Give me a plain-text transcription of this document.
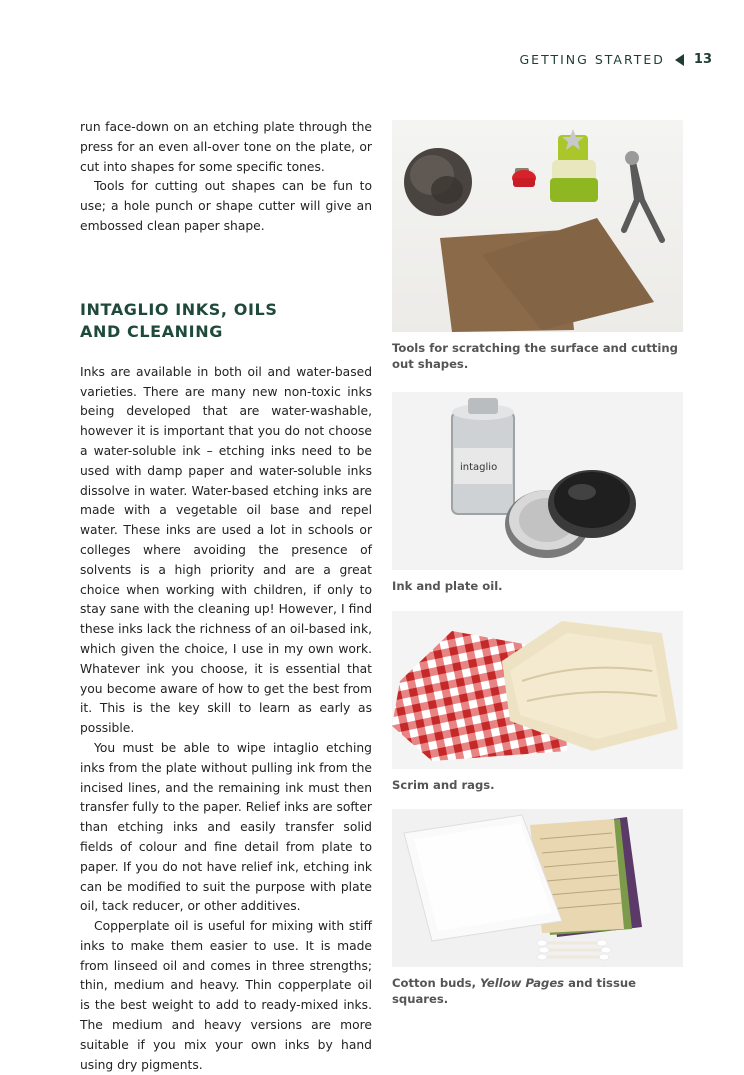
GETTING STARTED 13

run face-down on an etching plate through the press for an even all-over tone on the plate, or cut into shapes for some specific tones.

Tools for cutting out shapes can be fun to use; a hole punch or shape cutter will give an embossed clean paper shape.

INTAGLIO INKS, OILS
AND CLEANING

Inks are available in both oil and water-based varieties. There are many new non-toxic inks being developed that are water-washable, however it is important that you do not choose a water-soluble ink – etching inks need to be used with damp paper and water-soluble inks dissolve in water. Water-based etching inks are made with a vegetable oil base and repel water. These inks are used a lot in schools or colleges where avoiding the presence of solvents is a high priority and are a great choice when working with children, if only to stay sane with the cleaning up! However, I find these inks lack the richness of an oil-based ink, which given the choice, I use in my own work. Whatever ink you choose, it is essential that you become aware of how to get the best from it. This is the key skill to learn as early as possible.

You must be able to wipe intaglio etching inks from the plate without pulling ink from the incised lines, and the remaining ink must then transfer fully to the paper. Relief inks are softer than etching inks and easily transfer solid fields of colour and fine detail from plate to paper. If you do not have relief ink, etching ink can be modified to suit the purpose with plate oil, tack reducer, or other additives.

Copperplate oil is useful for mixing with stiff inks to make them easier to use. It is made from linseed oil and comes in three strengths; thin, medium and heavy. Thin copperplate oil is the best weight to add to ready-mixed inks. The medium and heavy versions are more suitable if you mix your own inks by hand using dry pigments.

Tools for scratching the surface and cutting out shapes.
intaglio
Ink and plate oil.
Scrim and rags.
Cotton buds, Yellow Pages and tissue squares.
